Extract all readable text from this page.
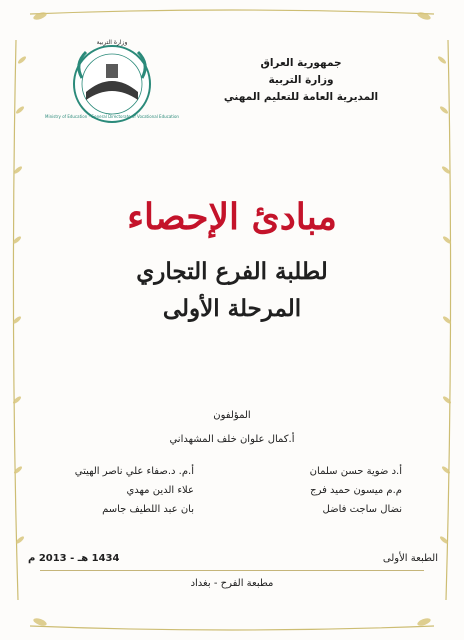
وزارة التربية
Ministry of Education · General Directorate of Vocational Education
جمهورية العراق
وزارة التربية
المديرية العامة للتعليم المهني
مبادئ الإحصاء
لطلبة الفرع التجاري
المرحلة الأولى
المؤلفون
أ.كمال علوان خلف المشهداني
أ.د ضوية حسن سلمان
م.م ميسون حميد فرج
نضال ساجت فاضل
أ.م. د.صفاء علي ناصر الهيتي
علاء الدين مهدي
بان عبد اللطيف جاسم
الطبعة الأولى
1434 هـ - 2013 م
مطبعة الفرح - بغداد
